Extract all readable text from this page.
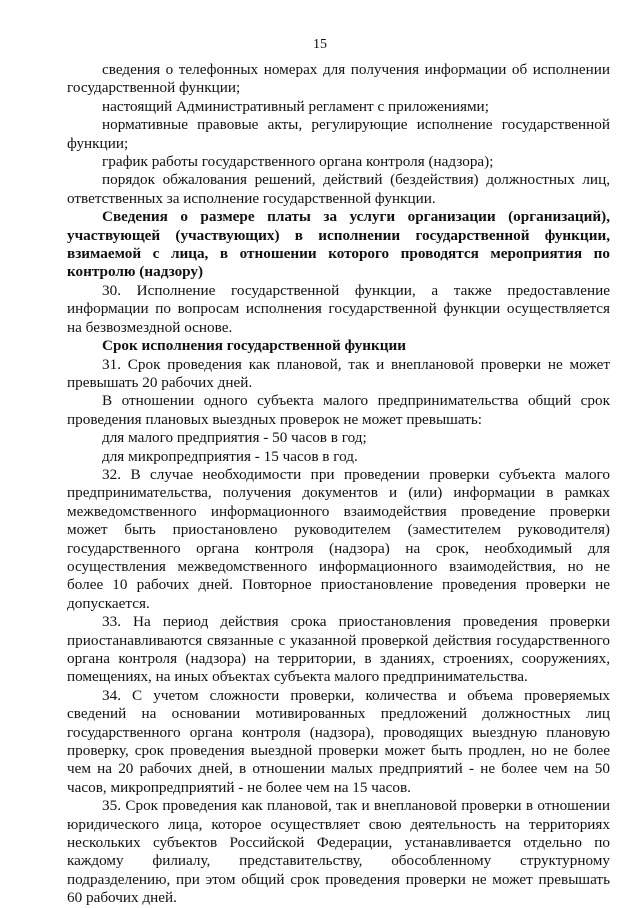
15

сведения о телефонных номерах для получения информации об исполнении государственной функции;

настоящий Административный регламент с приложениями;

нормативные правовые акты, регулирующие исполнение государственной функции;

график работы государственного органа контроля (надзора);

порядок обжалования решений, действий (бездействия) должностных лиц, ответственных за исполнение государственной функции.

Сведения о размере платы за услуги организации (организаций), участвующей (участвующих) в исполнении государственной функции, взимаемой с лица, в отношении которого проводятся мероприятия по контролю (надзору)

30. Исполнение государственной функции, а также предоставление информации по вопросам исполнения государственной функции осуществляется на безвозмездной основе.

Срок исполнения государственной функции

31. Срок проведения как плановой, так и внеплановой проверки не может превышать 20 рабочих дней.

В отношении одного субъекта малого предпринимательства общий срок проведения плановых выездных проверок не может превышать:

для малого предприятия - 50 часов в год;

для микропредприятия - 15 часов в год.

32. В случае необходимости при проведении проверки субъекта малого предпринимательства, получения документов и (или) информации в рамках межведомственного информационного взаимодействия проведение проверки может быть приостановлено руководителем (заместителем руководителя) государственного органа контроля (надзора) на срок, необходимый для осуществления межведомственного информационного взаимодействия, но не более 10 рабочих дней. Повторное приостановление проведения проверки не допускается.

33. На период действия срока приостановления проведения проверки приостанавливаются связанные с указанной проверкой действия государственного органа контроля (надзора) на территории, в зданиях, строениях, сооружениях, помещениях, на иных объектах субъекта малого предпринимательства.

34. С учетом сложности проверки, количества и объема проверяемых сведений на основании мотивированных предложений должностных лиц государственного органа контроля (надзора), проводящих выездную плановую проверку, срок проведения выездной проверки может быть продлен, но не более чем на 20 рабочих дней, в отношении малых предприятий - не более чем на 50 часов, микропредприятий - не более чем на 15 часов.

35. Срок проведения как плановой, так и внеплановой проверки в отношении юридического лица, которое осуществляет свою деятельность на территориях нескольких субъектов Российской Федерации, устанавливается отдельно по каждому филиалу, представительству, обособленному структурному подразделению, при этом общий срок проведения проверки не может превышать 60 рабочих дней.
